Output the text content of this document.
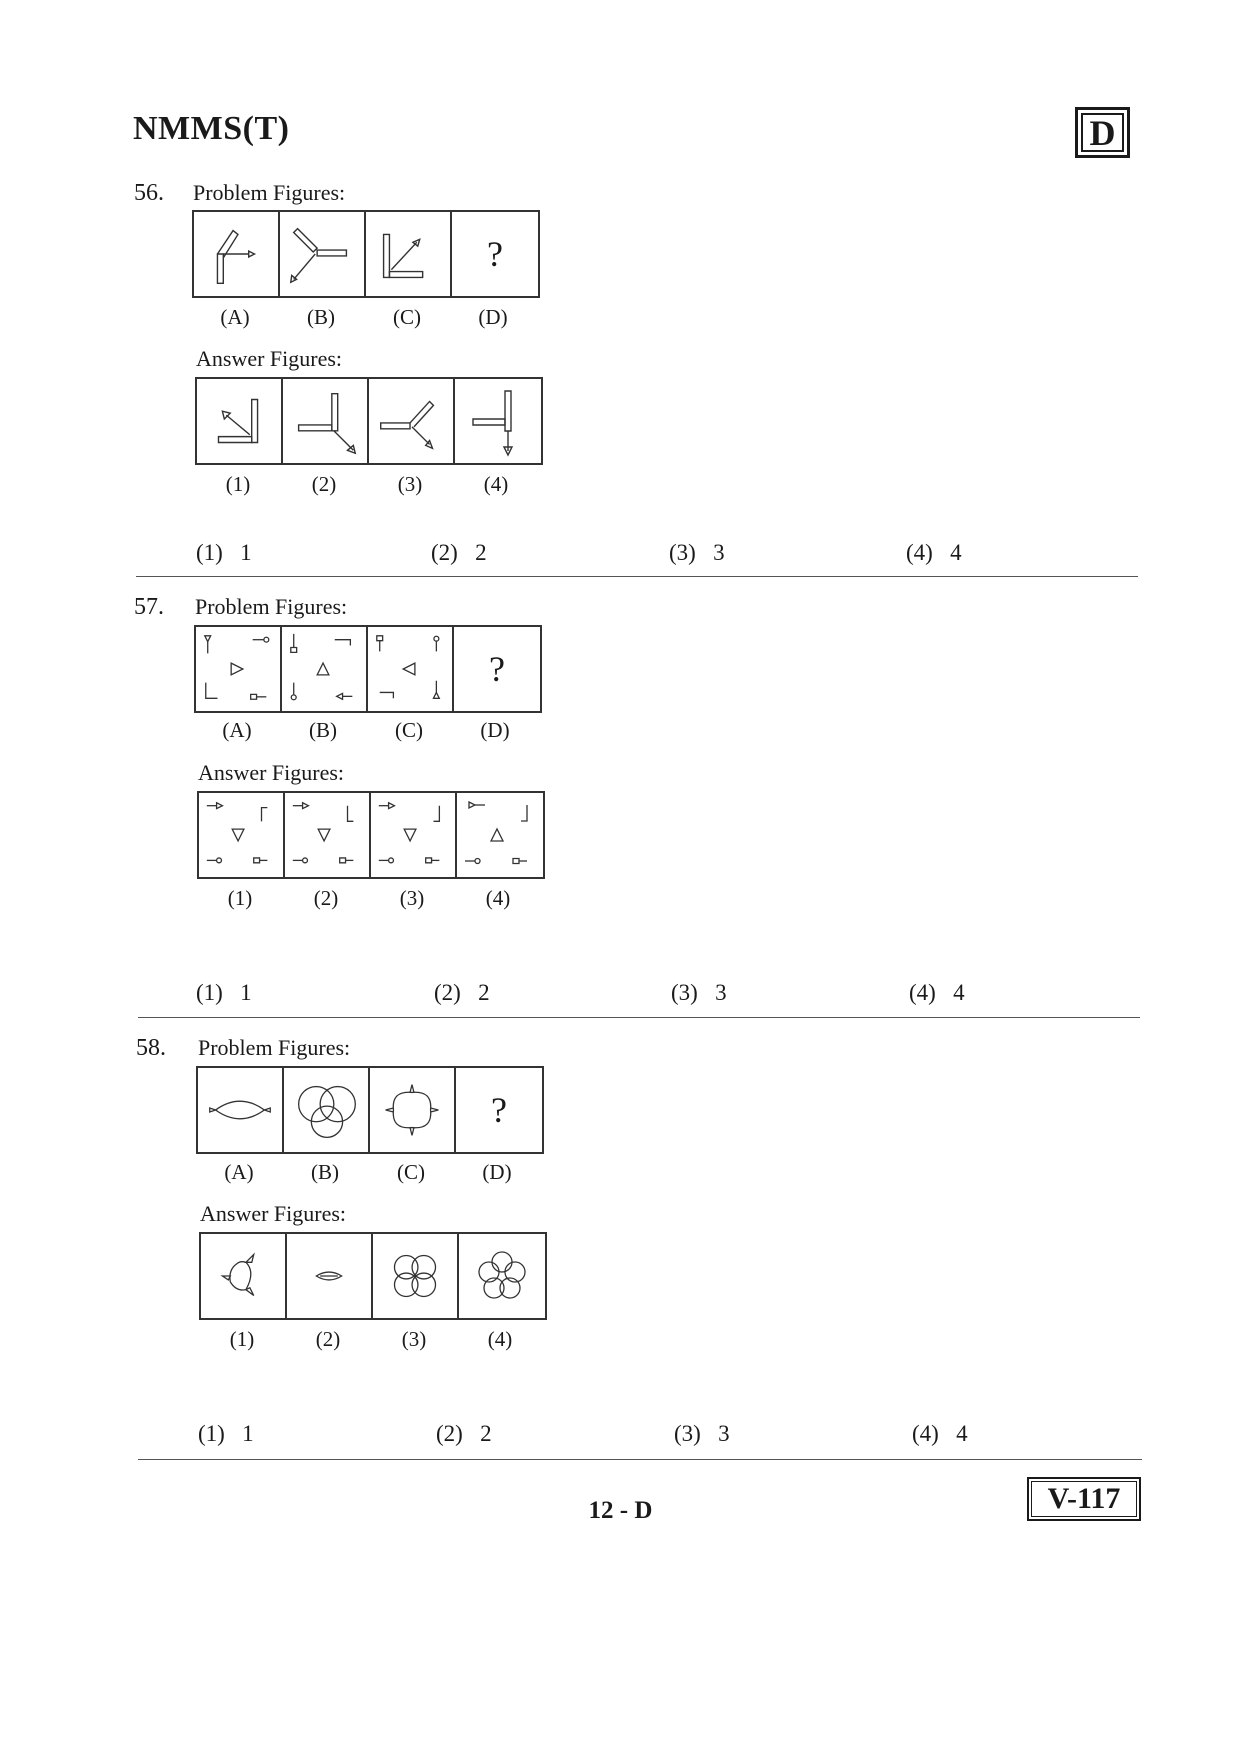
NMMS(T)	D
56. Problem Figures:
?
(A)	(B)	(C)	(D)
Answer Figures:
(1)	(2)	(3)	(4)
(1) 1	(2) 2	(3) 3	(4) 4
57. Problem Figures:
?
(A)	(B)	(C)	(D)
Answer Figures:
(1)	(2)	(3)	(4)
(1) 1	(2) 2	(3) 3	(4) 4
58. Problem Figures:
?
(A)	(B)	(C)	(D)
Answer Figures:
(1)	(2)	(3)	(4)
(1) 1	(2) 2	(3) 3	(4) 4
12 - D	V-117
